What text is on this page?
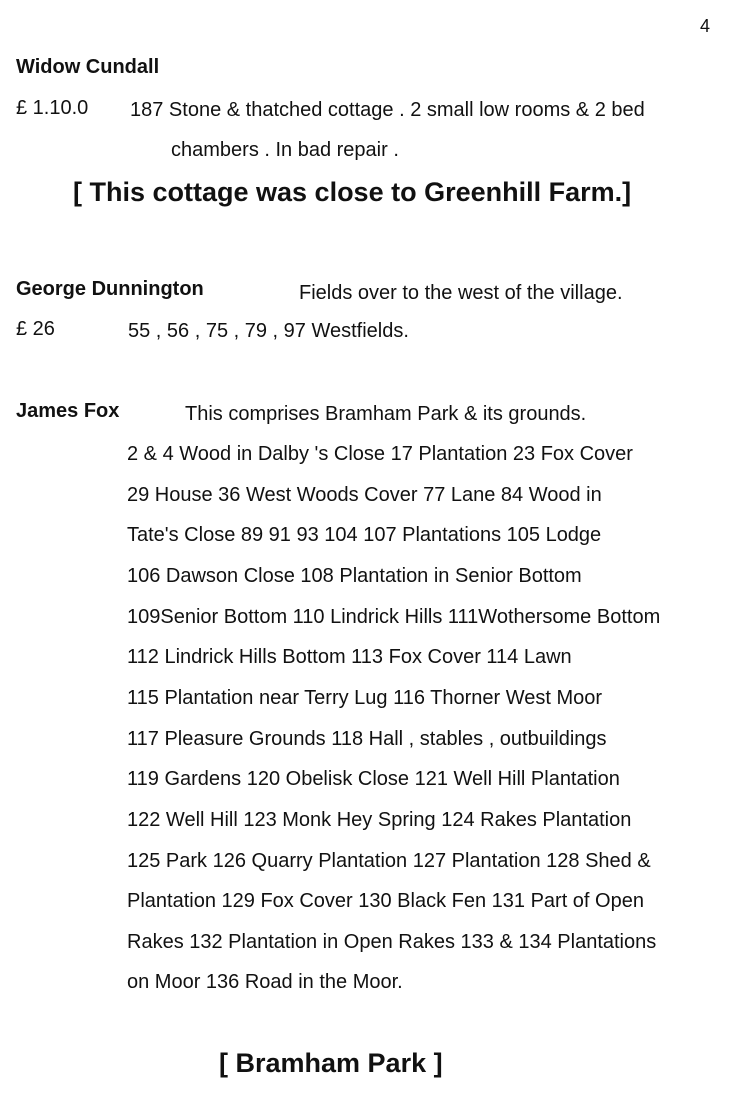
4
Widow Cundall
£ 1.10.0 187 Stone & thatched cottage . 2 small low rooms & 2 bed
chambers . In bad repair .
[ This cottage was close to Greenhill Farm.]
George Dunnington	Fields over to the west of the village.
£ 26	55 , 56 , 75 , 79 , 97 Westfields.
James Fox	This comprises Bramham Park & its grounds.
2 & 4 Wood in Dalby 's Close 17 Plantation 23 Fox Cover
29 House 36 West Woods Cover 77 Lane 84 Wood in
Tate's Close 89 91 93 104 107 Plantations 105 Lodge
106 Dawson Close 108 Plantation in Senior Bottom
109Senior Bottom 110 Lindrick Hills 111Wothersome Bottom
112 Lindrick Hills Bottom 113 Fox Cover 114 Lawn
115 Plantation near Terry Lug 116 Thorner West Moor
117 Pleasure Grounds 118 Hall , stables , outbuildings
119 Gardens 120 Obelisk Close 121 Well Hill Plantation
122 Well Hill 123 Monk Hey Spring 124 Rakes Plantation
125 Park 126 Quarry Plantation 127 Plantation 128 Shed &
Plantation 129 Fox Cover 130 Black Fen 131 Part of Open
Rakes 132 Plantation in Open Rakes 133 & 134 Plantations
on Moor 136 Road in the Moor.
[ Bramham Park ]
